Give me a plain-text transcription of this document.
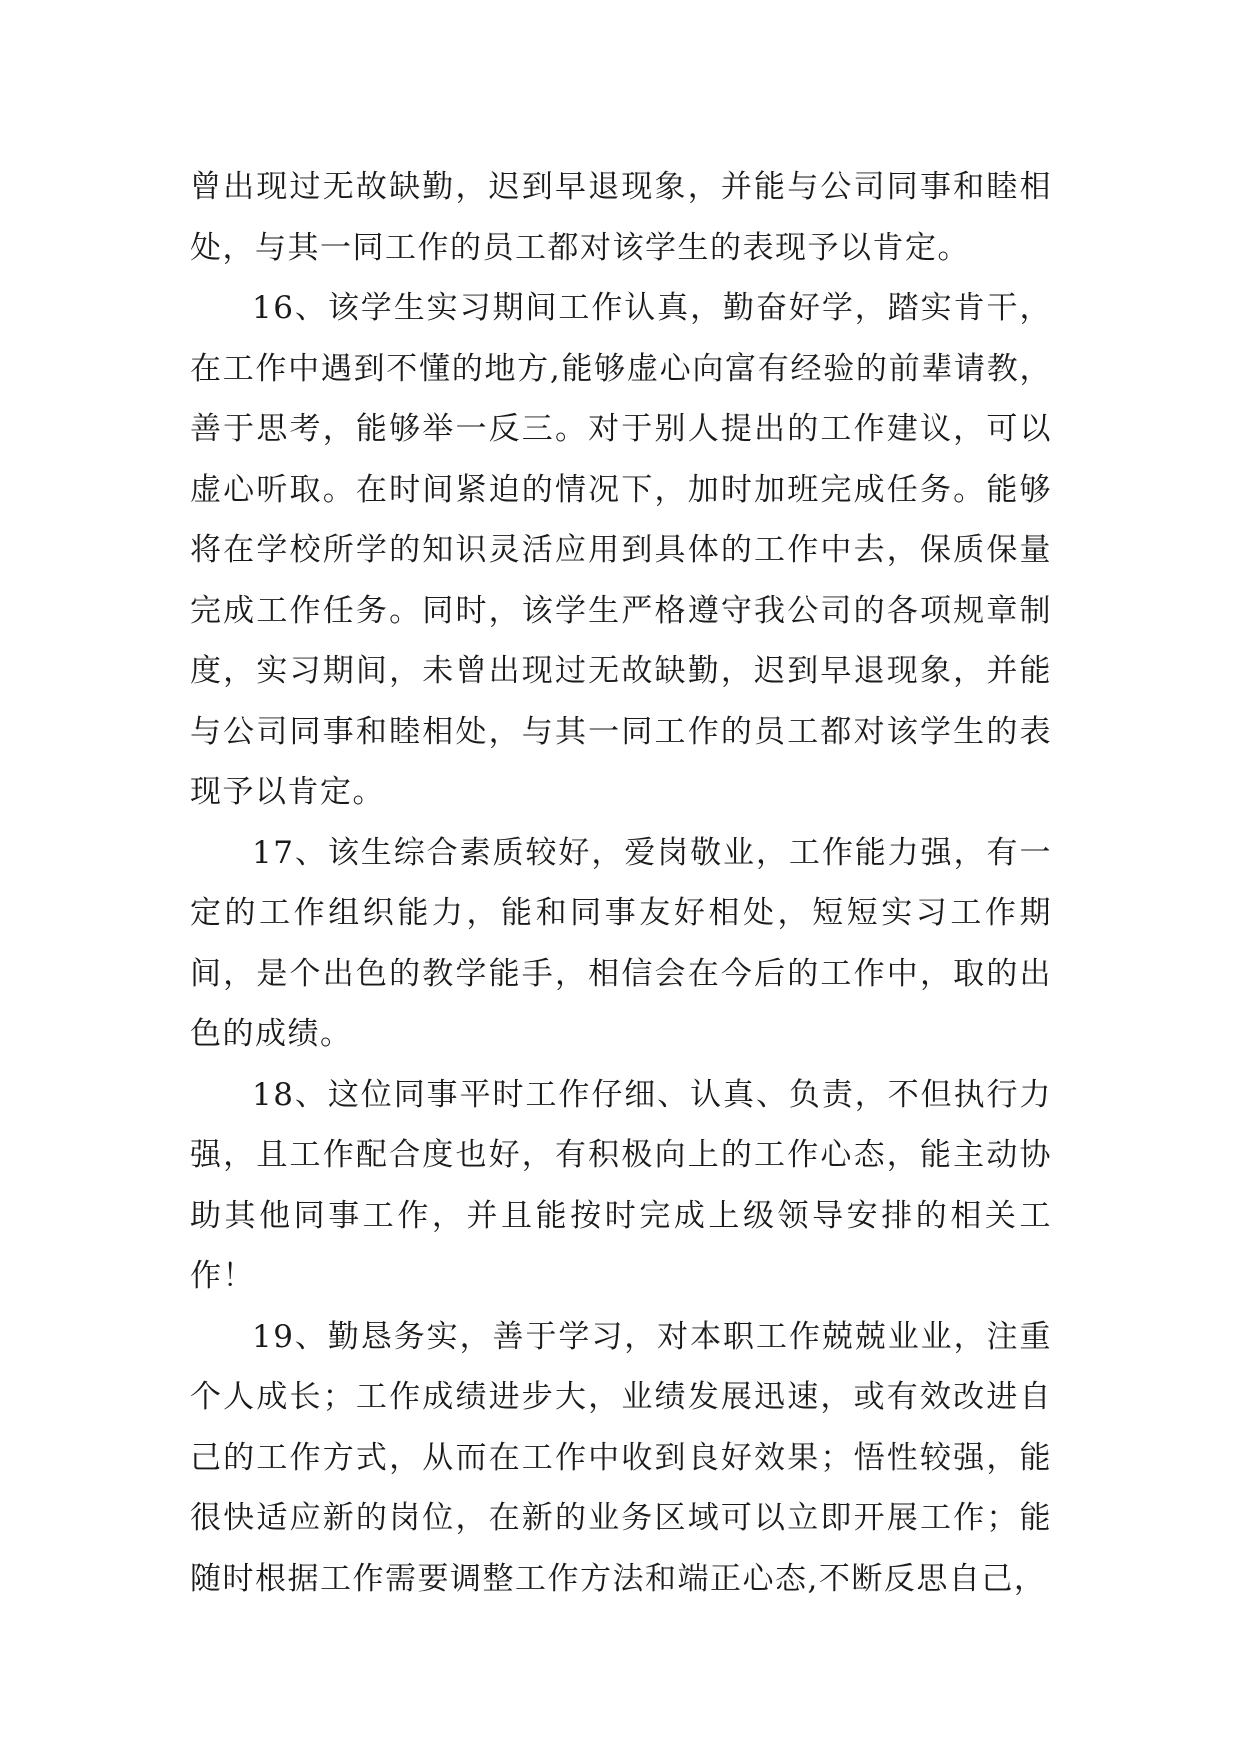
曾出现过无故缺勤，迟到早退现象，并能与公司同事和睦相处，与其一同工作的员工都对该学生的表现予以肯定。

16、该学生实习期间工作认真，勤奋好学，踏实肯干，在工作中遇到不懂的地方,能够虚心向富有经验的前辈请教，善于思考，能够举一反三。对于别人提出的工作建议，可以虚心听取。在时间紧迫的情况下，加时加班完成任务。能够将在学校所学的知识灵活应用到具体的工作中去，保质保量完成工作任务。同时，该学生严格遵守我公司的各项规章制度，实习期间，未曾出现过无故缺勤，迟到早退现象，并能与公司同事和睦相处，与其一同工作的员工都对该学生的表现予以肯定。

17、该生综合素质较好，爱岗敬业，工作能力强，有一定的工作组织能力，能和同事友好相处，短短实习工作期间，是个出色的教学能手，相信会在今后的工作中，取的出色的成绩。

18、这位同事平时工作仔细、认真、负责，不但执行力强，且工作配合度也好，有积极向上的工作心态，能主动协助其他同事工作，并且能按时完成上级领导安排的相关工作！

19、勤恳务实，善于学习，对本职工作兢兢业业，注重个人成长；工作成绩进步大，业绩发展迅速，或有效改进自己的工作方式，从而在工作中收到良好效果；悟性较强，能很快适应新的岗位，在新的业务区域可以立即开展工作；能随时根据工作需要调整工作方法和端正心态,不断反思自己，
